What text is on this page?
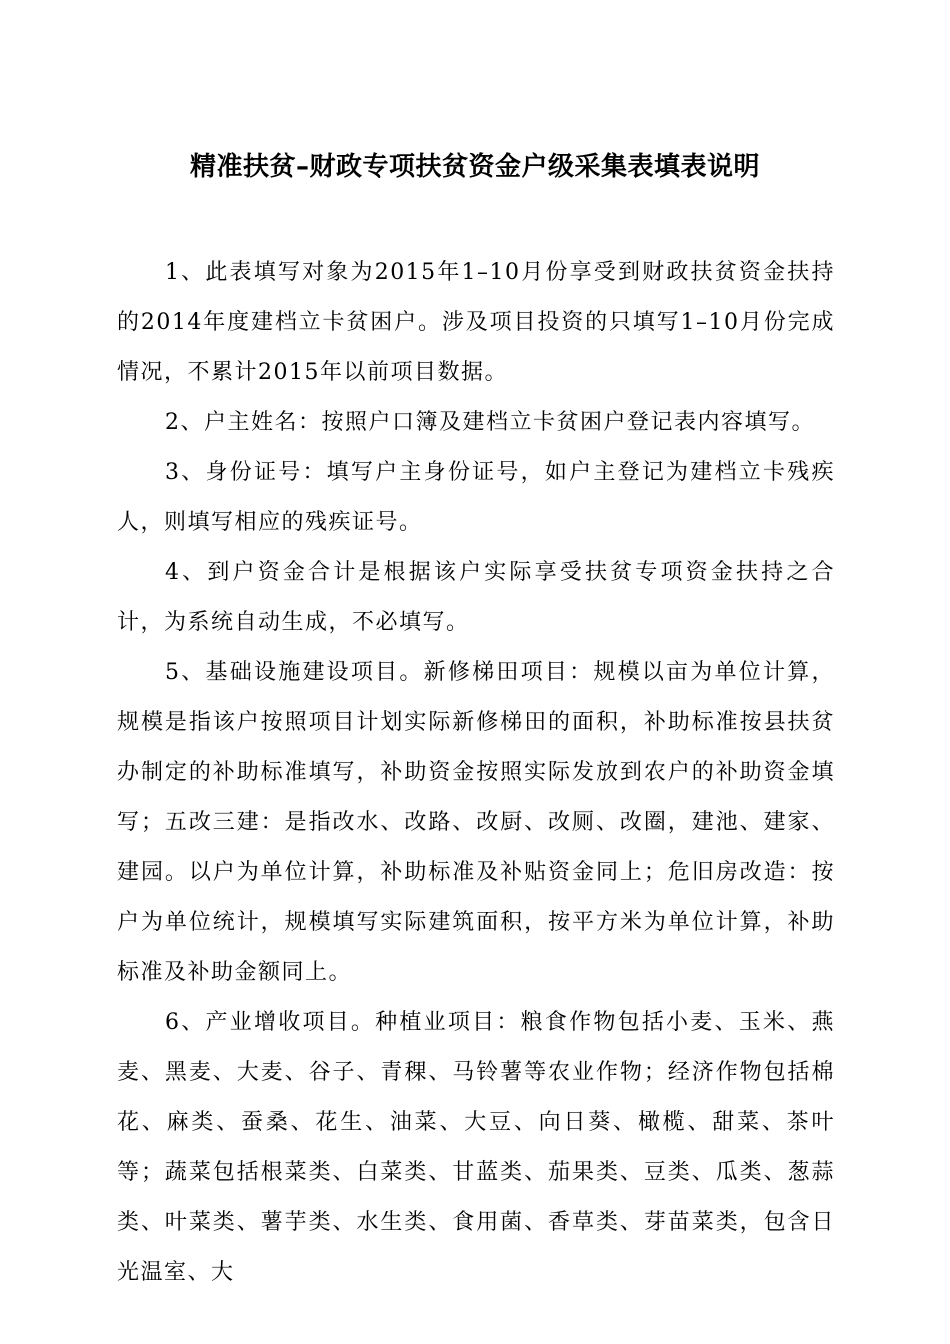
精准扶贫–财政专项扶贫资金户级采集表填表说明

1、此表填写对象为2015年1–10月份享受到财政扶贫资金扶持的2014年度建档立卡贫困户。涉及项目投资的只填写1–10月份完成情况，不累计2015年以前项目数据。

2、户主姓名：按照户口簿及建档立卡贫困户登记表内容填写。

3、身份证号：填写户主身份证号，如户主登记为建档立卡残疾人，则填写相应的残疾证号。

4、到户资金合计是根据该户实际享受扶贫专项资金扶持之合计，为系统自动生成，不必填写。

5、基础设施建设项目。新修梯田项目：规模以亩为单位计算，规模是指该户按照项目计划实际新修梯田的面积，补助标准按县扶贫办制定的补助标准填写，补助资金按照实际发放到农户的补助资金填写；五改三建：是指改水、改路、改厨、改厕、改圈，建池、建家、建园。以户为单位计算，补助标准及补贴资金同上；危旧房改造：按户为单位统计，规模填写实际建筑面积，按平方米为单位计算，补助标准及补助金额同上。

6、产业增收项目。种植业项目：粮食作物包括小麦、玉米、燕麦、黑麦、大麦、谷子、青稞、马铃薯等农业作物；经济作物包括棉花、麻类、蚕桑、花生、油菜、大豆、向日葵、橄榄、甜菜、茶叶等；蔬菜包括根菜类、白菜类、甘蓝类、茄果类、豆类、瓜类、葱蒜类、叶菜类、薯芋类、水生类、食用菌、香草类、芽苗菜类，包含日光温室、大
